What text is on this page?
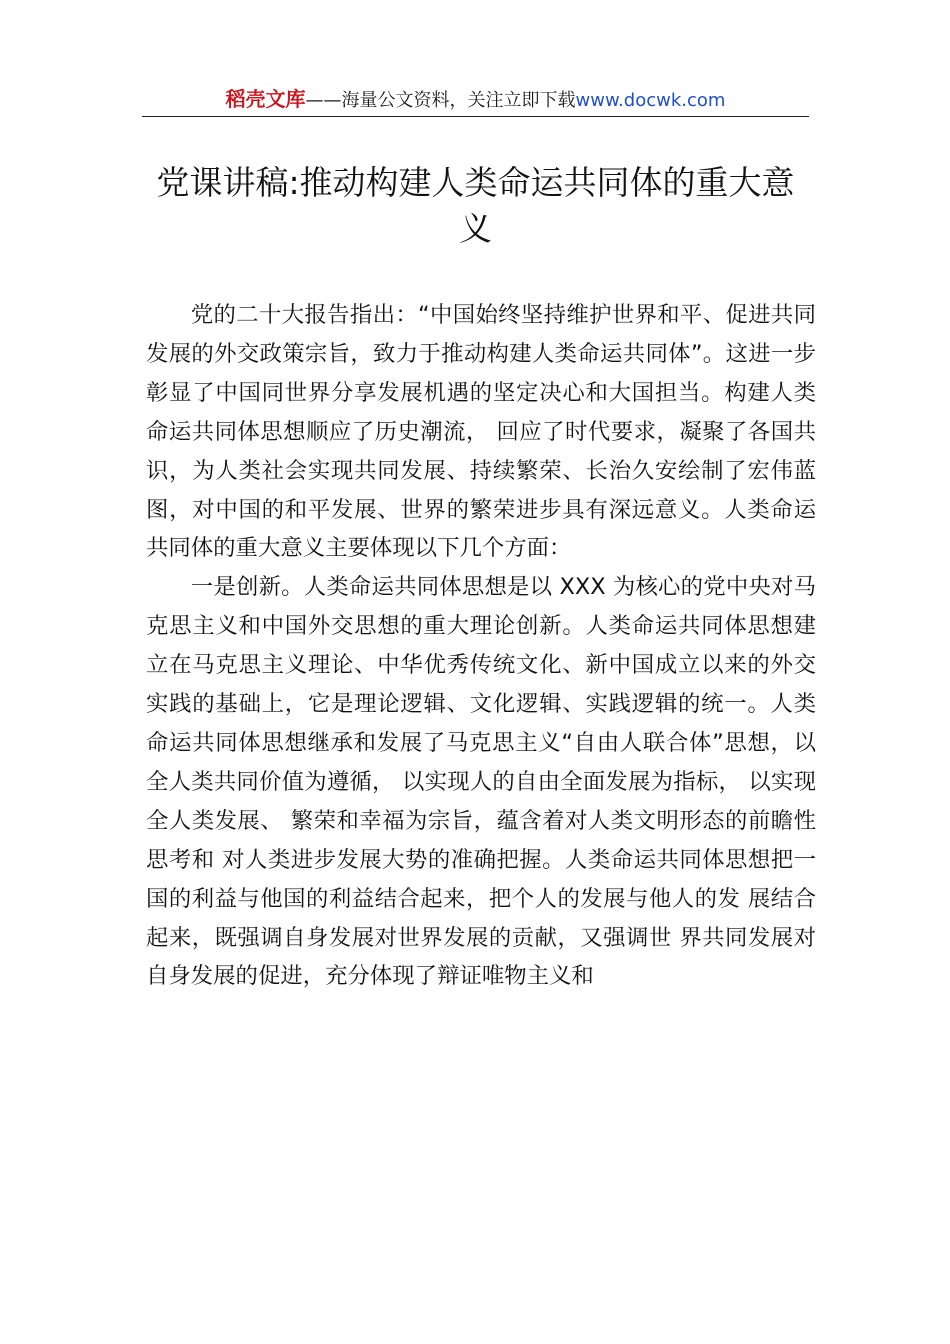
稻壳文库——海量公文资料，关注立即下载www.docwk.com
党课讲稿:推动构建人类命运共同体的重大意义

党的二十大报告指出：“中国始终坚持维护世界和平、促进共同发展的外交政策宗旨，致力于推动构建人类命运共同体”。这进一步彰显了中国同世界分享发展机遇的坚定决心和大国担当。构建人类命运共同体思想顺应了历史潮流， 回应了时代要求，凝聚了各国共识，为人类社会实现共同发展、持续繁荣、长治久安绘制了宏伟蓝图，对中国的和平发展、世界的繁荣进步具有深远意义。人类命运共同体的重大意义主要体现以下几个方面：

一是创新。人类命运共同体思想是以 XXX 为核心的党中央对马克思主义和中国外交思想的重大理论创新。人类命运共同体思想建立在马克思主义理论、中华优秀传统文化、新中国成立以来的外交实践的基础上，它是理论逻辑、文化逻辑、实践逻辑的统一。人类命运共同体思想继承和发展了马克思主义“自由人联合体”思想，以全人类共同价值为遵循， 以实现人的自由全面发展为指标， 以实现全人类发展、 繁荣和幸福为宗旨，蕴含着对人类文明形态的前瞻性思考和 对人类进步发展大势的准确把握。人类命运共同体思想把一 国的利益与他国的利益结合起来，把个人的发展与他人的发 展结合起来，既强调自身发展对世界发展的贡献，又强调世 界共同发展对自身发展的促进，充分体现了辩证唯物主义和
